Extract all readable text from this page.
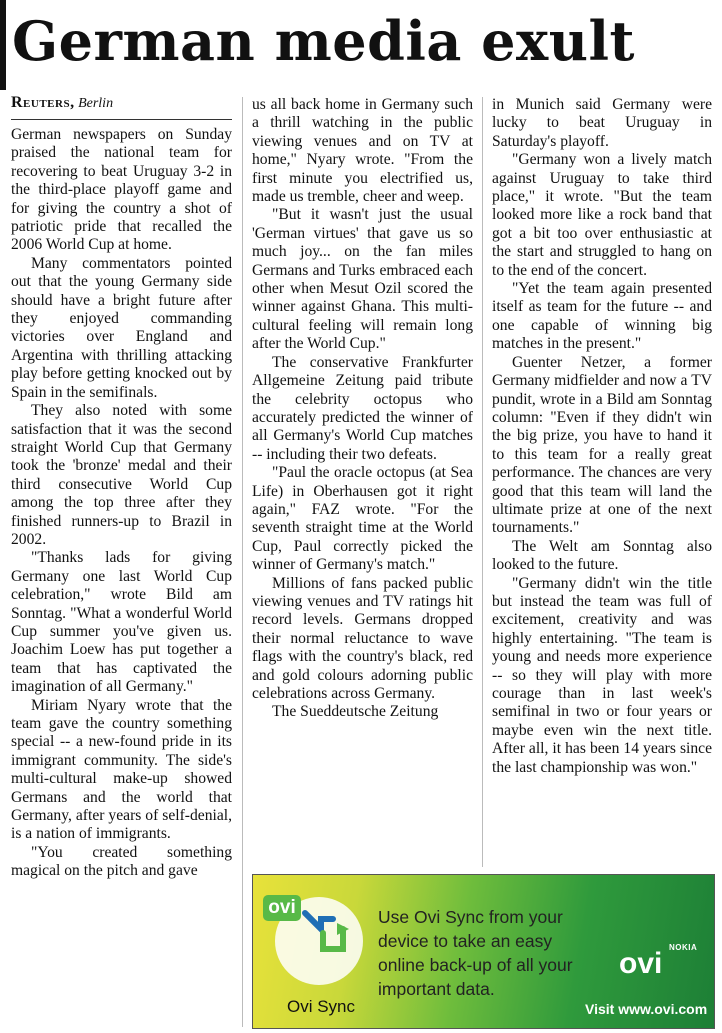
German media exult
Reuters, Berlin

German newspapers on Sunday praised the national team for recovering to beat Uruguay 3-2 in the third-place playoff game and for giving the country a shot of patriotic pride that recalled the 2006 World Cup at home.

Many commentators pointed out that the young Germany side should have a bright future after they enjoyed commanding victories over England and Argentina with thrilling attacking play before getting knocked out by Spain in the semifinals.

They also noted with some satisfaction that it was the second straight World Cup that Germany took the 'bronze' medal and their third consecutive World Cup among the top three after they finished runners-up to Brazil in 2002.

"Thanks lads for giving Germany one last World Cup celebration," wrote Bild am Sonntag. "What a wonderful World Cup summer you've given us. Joachim Loew has put together a team that has captivated the imagination of all Germany."

Miriam Nyary wrote that the team gave the country something special -- a new-found pride in its immigrant community. The side's multi-cultural make-up showed Germans and the world that Germany, after years of self-denial, is a nation of immigrants.

"You created something magical on the pitch and gave

us all back home in Germany such a thrill watching in the public viewing venues and on TV at home," Nyary wrote. "From the first minute you electrified us, made us tremble, cheer and weep.

"But it wasn't just the usual 'German virtues' that gave us so much joy... on the fan miles Germans and Turks embraced each other when Mesut Ozil scored the winner against Ghana. This multi-cultural feeling will remain long after the World Cup."

The conservative Frankfurter Allgemeine Zeitung paid tribute the celebrity octopus who accurately predicted the winner of all Germany's World Cup matches -- including their two defeats.

"Paul the oracle octopus (at Sea Life) in Oberhausen got it right again," FAZ wrote. "For the seventh straight time at the World Cup, Paul correctly picked the winner of Germany's match."

Millions of fans packed public viewing venues and TV ratings hit record levels. Germans dropped their normal reluctance to wave flags with the country's black, red and gold colours adorning public celebrations across Germany.

The Sueddeutsche Zeitung

in Munich said Germany were lucky to beat Uruguay in Saturday's playoff.

"Germany won a lively match against Uruguay to take third place," it wrote. "But the team looked more like a rock band that got a bit too over enthusiastic at the start and struggled to hang on to the end of the concert.

"Yet the team again presented itself as team for the future -- and one capable of winning big matches in the present."

Guenter Netzer, a former Germany midfielder and now a TV pundit, wrote in a Bild am Sonntag column: "Even if they didn't win the big prize, you have to hand it to this team for a really great performance. The chances are very good that this team will land the ultimate prize at one of the next tournaments."

The Welt am Sonntag also looked to the future.

"Germany didn't win the title but instead the team was full of excitement, creativity and was highly entertaining. "The team is young and needs more experience -- so they will play with more courage than in last week's semifinal in two or four years or maybe even win the next title. After all, it has been 14 years since the last championship was won."

ovi
Ovi Sync
Use Ovi Sync from your device to take an easy online back-up of all your important data.
ovi NOKIA
Visit www.ovi.com
